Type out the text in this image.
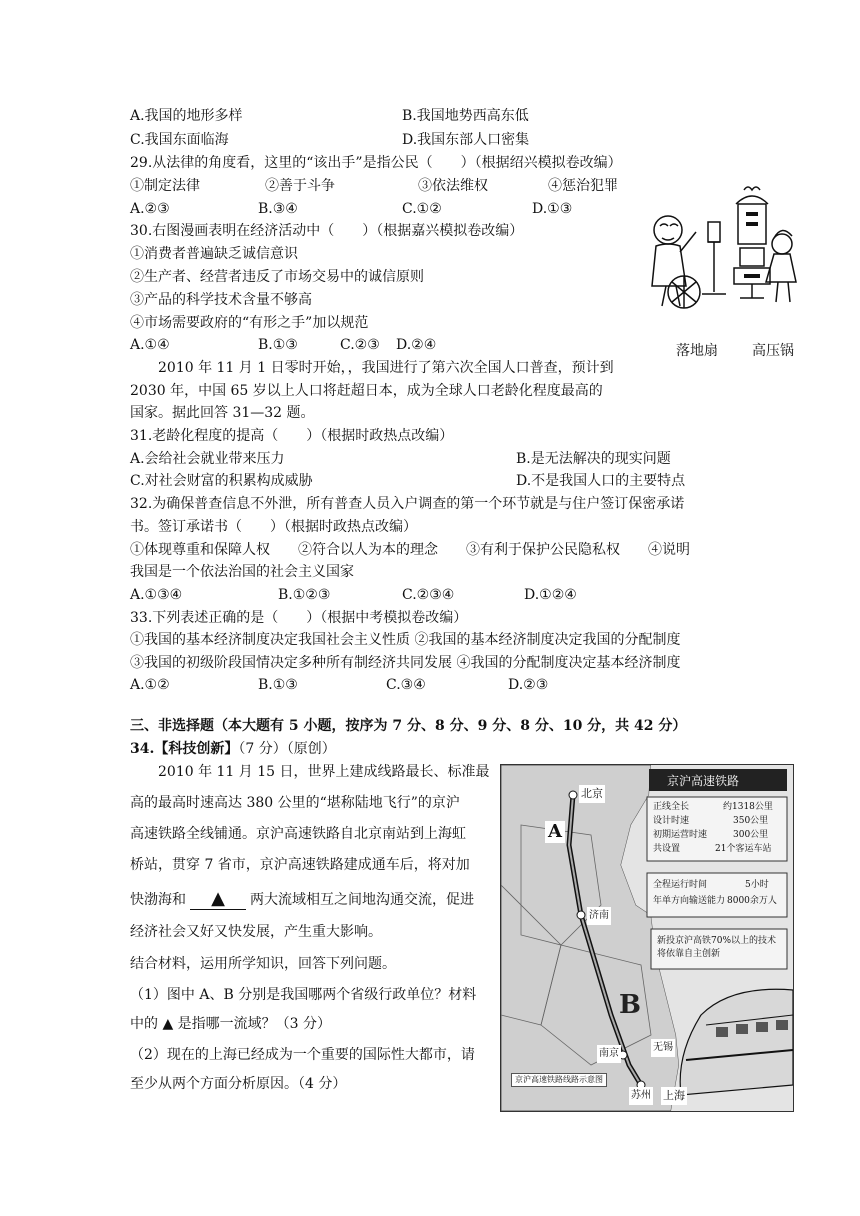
A.我国的地形多样	B.我国地势西高东低
C.我国东面临海	D.我国东部人口密集
29.从法律的角度看，这里的“该出手”是指公民（　　）（根据绍兴模拟卷改编）
①制定法律	②善于斗争	③依法维权	④惩治犯罪
A.②③	B.③④	C.①②	D.①③
30.右图漫画表明在经济活动中（　　）（根据嘉兴模拟卷改编）
①消费者普遍缺乏诚信意识
②生产者、经营者违反了市场交易中的诚信原则
③产品的科学技术含量不够高
④市场需要政府的“有形之手”加以规范
A.①④	B.①③	C.②③ D.②④	落地扇 高压锅
2010 年 11 月 1 日零时开始，，我国进行了第六次全国人口普查，预计到
2030 年，中国 65 岁以上人口将赶超日本，成为全球人口老龄化程度最高的
国家。据此回答 31—32 题。
31.老龄化程度的提高（　　）（根据时政热点改编）
A.会给社会就业带来压力	B.是无法解决的现实问题
C.对社会财富的积累构成威胁	D.不是我国人口的主要特点
32.为确保普查信息不外泄，所有普查人员入户调查的第一个环节就是与住户签订保密承诺
书。签订承诺书（　　）（根据时政热点改编）
①体现尊重和保障人权　　②符合以人为本的理念　　③有利于保护公民隐私权　　④说明
我国是一个依法治国的社会主义国家
A.①③④	B.①②③	C.②③④	D.①②④
33.下列表述正确的是（　　）（根据中考模拟卷改编）
①我国的基本经济制度决定我国社会主义性质 ②我国的基本经济制度决定我国的分配制度
③我国的初级阶段国情决定多种所有制经济共同发展 ④我国的分配制度决定基本经济制度
A.①②	B.①③	C.③④	D.②③
三、非选择题（本大题有 5 小题，按序为 7 分、8 分、9 分、8 分、10 分，共 42 分）
34.【科技创新】（7 分）（原创）
2010 年 11 月 15 日，世界上建成线路最长、标准最
高的最高时速高达 380 公里的“堪称陆地飞行”的京沪
高速铁路全线铺通。京沪高速铁路自北京南站到上海虹
桥站，贯穿 7 省市，京沪高速铁路建成通车后，将对加
快渤海和 ▲ 两大流域相互之间地沟通交流，促进
经济社会又好又快发展，产生重大影响。
结合材料，运用所学知识，回答下列问题。
（1）图中 A、B 分别是我国哪两个省级行政单位？材料
中的 ▲ 是指哪一流域？（3 分）
（2）现在的上海已经成为一个重要的国际性大都市，请
至少从两个方面分析原因。（4 分）
京沪高速铁路
正线全长	约1318公里
设计时速	350公里
初期运营时速	300公里
共设置	21个客运车站
全程运行时间	5小时
年单方向输送能力 8000余万人
新投京沪高铁70%以上的技术将依靠自主创新
北京
济南
南京
无锡
苏州 上海
A
B
京沪高速铁路线路示意图
